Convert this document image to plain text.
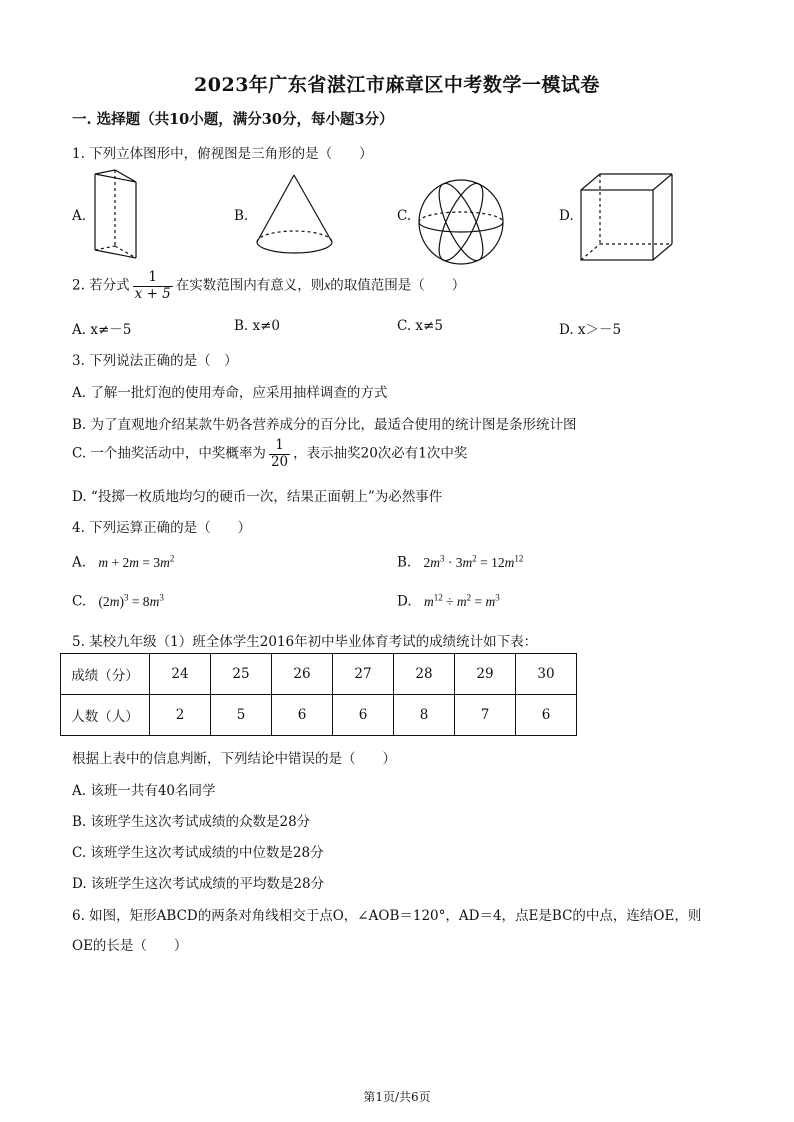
2023年广东省湛江市麻章区中考数学一模试卷
一. 选择题（共10小题，满分30分，每小题3分）
1. 下列立体图形中，俯视图是三角形的是（　　）
A.	B.	C.	D.
2. 若分式 $\frac{1}{x + 5}$ 在实数范围内有意义，则x的取值范围是（　　）
A. x≠－5	B. x≠0	C. x≠5	D. x＞－5
3. 下列说法正确的是（　）
A. 了解一批灯泡的使用寿命，应采用抽样调查的方式
B. 为了直观地介绍某款牛奶各营养成分的百分比，最适合使用的统计图是条形统计图
C. 一个抽奖活动中，中奖概率为 $\frac{1}{20}$ ，表示抽奖20次必有1次中奖
D. “投掷一枚质地均匀的硬币一次，结果正面朝上”为必然事件
4. 下列运算正确的是（　　）
A. $m + 2m = 3m^2$	B. $2m^3 \cdot 3m^2 = 12m^{12}$
C. $(2m)^3 = 8m^3$	D. $m^{12} \div m^2 = m^3$
5. 某校九年级（1）班全体学生2016年初中毕业体育考试的成绩统计如下表：
成绩（分）	24	25	26	27	28	29	30
人数（人）	2	5	6	6	8	7	6
根据上表中的信息判断，下列结论中错误的是（　　）
A. 该班一共有40名同学
B. 该班学生这次考试成绩的众数是28分
C. 该班学生这次考试成绩的中位数是28分
D. 该班学生这次考试成绩的平均数是28分
6. 如图，矩形ABCD的两条对角线相交于点O，∠AOB＝120°，AD＝4，点E是BC的中点，连结OE，则
OE的长是（　　）
第1页/共6页
